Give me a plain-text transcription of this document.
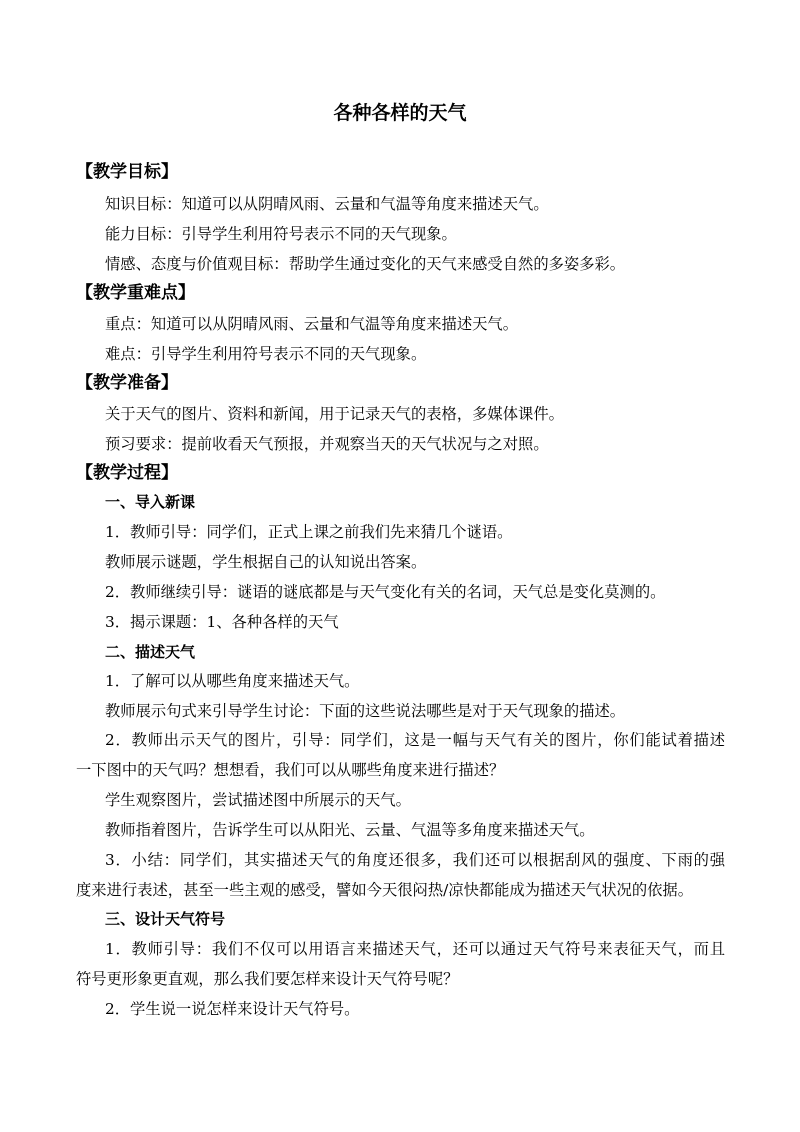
各种各样的天气
【教学目标】
知识目标：知道可以从阴晴风雨、云量和气温等角度来描述天气。
能力目标：引导学生利用符号表示不同的天气现象。
情感、态度与价值观目标：帮助学生通过变化的天气来感受自然的多姿多彩。
【教学重难点】
重点：知道可以从阴晴风雨、云量和气温等角度来描述天气。
难点：引导学生利用符号表示不同的天气现象。
【教学准备】
关于天气的图片、资料和新闻，用于记录天气的表格，多媒体课件。
预习要求：提前收看天气预报，并观察当天的天气状况与之对照。
【教学过程】
一、导入新课
1．教师引导：同学们，正式上课之前我们先来猜几个谜语。
教师展示谜题，学生根据自己的认知说出答案。
2．教师继续引导：谜语的谜底都是与天气变化有关的名词，天气总是变化莫测的。
3．揭示课题：1、各种各样的天气
二、描述天气
1．了解可以从哪些角度来描述天气。
教师展示句式来引导学生讨论：下面的这些说法哪些是对于天气现象的描述。
2．教师出示天气的图片，引导：同学们，这是一幅与天气有关的图片，你们能试着描述
一下图中的天气吗？想想看，我们可以从哪些角度来进行描述？
学生观察图片，尝试描述图中所展示的天气。
教师指着图片，告诉学生可以从阳光、云量、气温等多角度来描述天气。
3．小结：同学们，其实描述天气的角度还很多，我们还可以根据刮风的强度、下雨的强
度来进行表述，甚至一些主观的感受，譬如今天很闷热/凉快都能成为描述天气状况的依据。
三、设计天气符号
1．教师引导：我们不仅可以用语言来描述天气，还可以通过天气符号来表征天气，而且
符号更形象更直观，那么我们要怎样来设计天气符号呢？
2．学生说一说怎样来设计天气符号。
